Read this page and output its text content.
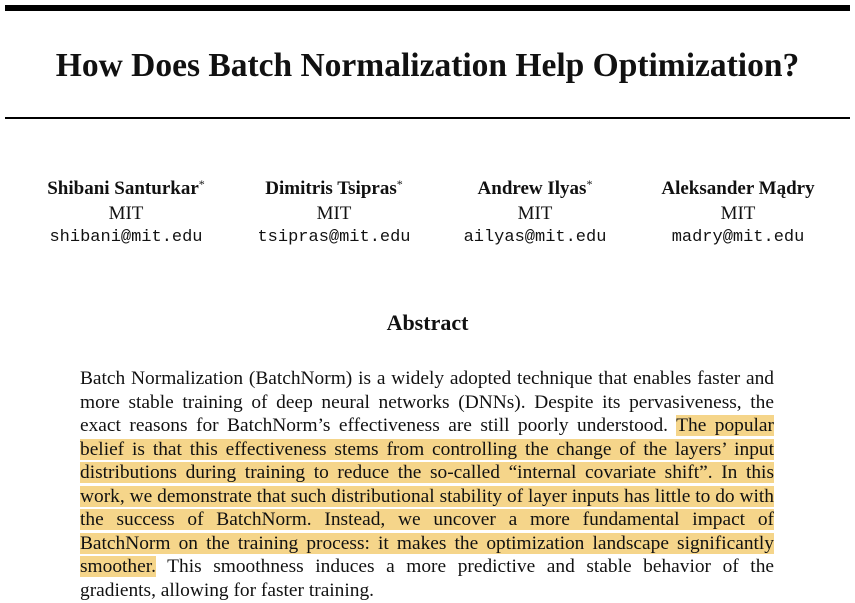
How Does Batch Normalization Help Optimization?
Shibani Santurkar*
MIT
shibani@mit.edu
Dimitris Tsipras*
MIT
tsipras@mit.edu
Andrew Ilyas*
MIT
ailyas@mit.edu
Aleksander Mądry
MIT
madry@mit.edu
Abstract

Batch Normalization (BatchNorm) is a widely adopted technique that enables faster and more stable training of deep neural networks (DNNs). Despite its pervasiveness, the exact reasons for BatchNorm’s effectiveness are still poorly understood. The popular belief is that this effectiveness stems from controlling the change of the layers’ input distributions during training to reduce the so-called “internal covariate shift”. In this work, we demonstrate that such distributional stability of layer inputs has little to do with the success of BatchNorm. Instead, we uncover a more fundamental impact of BatchNorm on the training process: it makes the optimization landscape significantly smoother. This smoothness induces a more predictive and stable behavior of the gradients, allowing for faster training.
